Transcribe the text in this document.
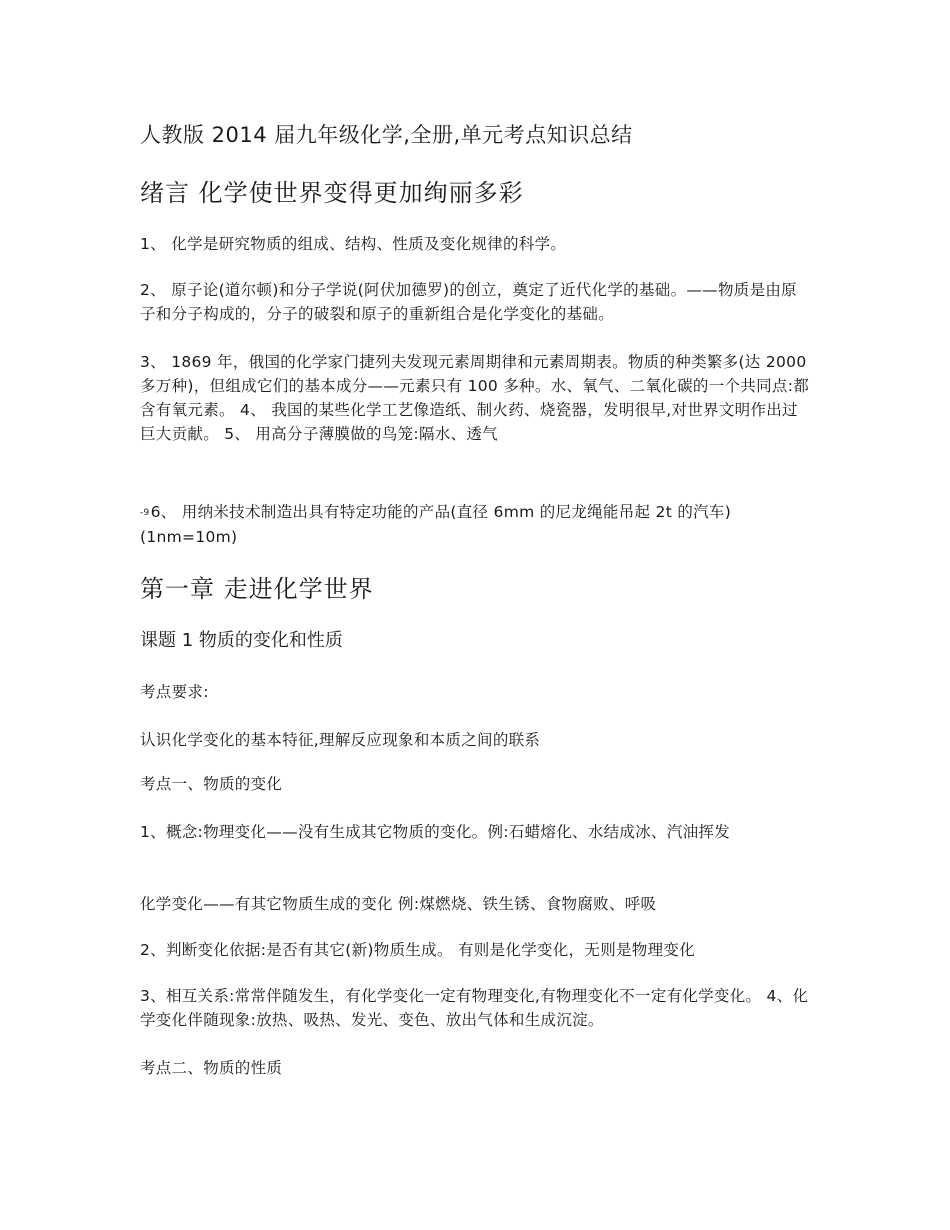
人教版 2014 届九年级化学,全册,单元考点知识总结
绪言 化学使世界变得更加绚丽多彩
1、 化学是研究物质的组成、结构、性质及变化规律的科学。
2、 原子论(道尔顿)和分子学说(阿伏加德罗)的创立，奠定了近代化学的基础。——物质是由原子和分子构成的，分子的破裂和原子的重新组合是化学变化的基础。
3、 1869 年，俄国的化学家门捷列夫发现元素周期律和元素周期表。物质的种类繁多(达 2000 多万种)，但组成它们的基本成分——元素只有 100 多种。水、氧气、二氧化碳的一个共同点:都含有氧元素。 4、 我国的某些化学工艺像造纸、制火药、烧瓷器，发明很早,对世界文明作出过巨大贡献。 5、 用高分子薄膜做的鸟笼:隔水、透气
-96、 用纳米技术制造出具有特定功能的产品(直径 6mm 的尼龙绳能吊起 2t 的汽车)(1nm=10m)
第一章 走进化学世界
课题 1 物质的变化和性质
考点要求:
认识化学变化的基本特征,理解反应现象和本质之间的联系
考点一、物质的变化
1、概念:物理变化——没有生成其它物质的变化。例:石蜡熔化、水结成冰、汽油挥发
化学变化——有其它物质生成的变化 例:煤燃烧、铁生锈、食物腐败、呼吸
2、判断变化依据:是否有其它(新)物质生成。 有则是化学变化，无则是物理变化
3、相互关系:常常伴随发生，有化学变化一定有物理变化,有物理变化不一定有化学变化。 4、化学变化伴随现象:放热、吸热、发光、变色、放出气体和生成沉淀。
考点二、物质的性质
